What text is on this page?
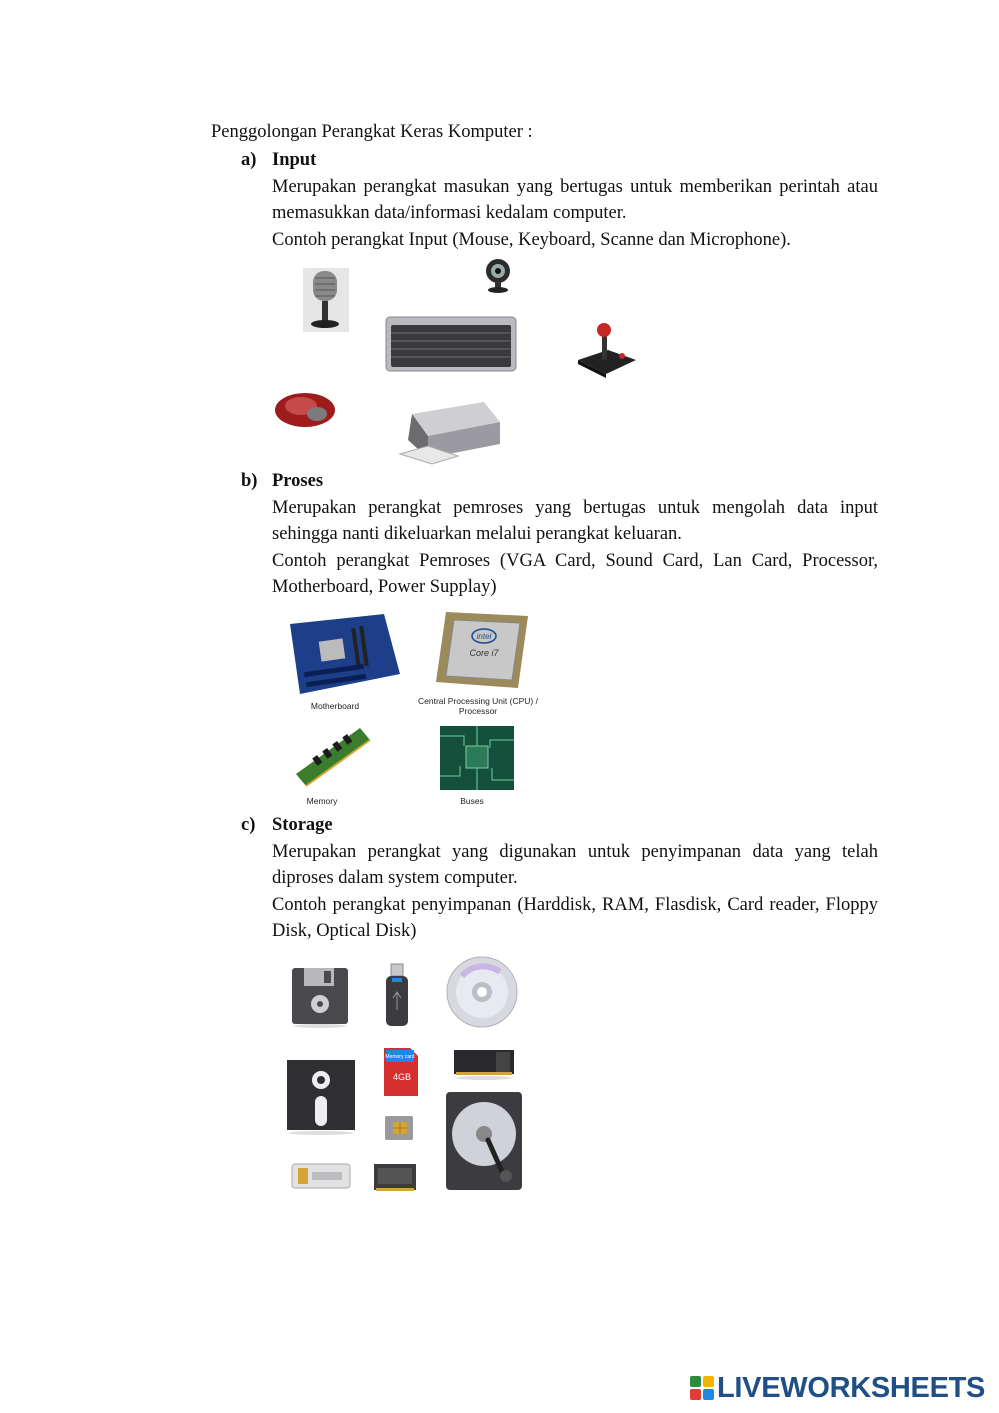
Penggolongan Perangkat Keras Komputer :
a) Input

Merupakan perangkat masukan yang bertugas untuk memberikan perintah atau memasukkan data/informasi kedalam computer.

Contoh perangkat Input (Mouse, Keyboard, Scanne dan Microphone).

b) Proses

Merupakan perangkat pemroses yang bertugas untuk mengolah data input sehingga nanti dikeluarkan melalui perangkat keluaran.

Contoh perangkat Pemroses (VGA Card, Sound Card, Lan Card, Processor, Motherboard, Power Supplay)

Motherboard
intel
Core i7
Central Processing Unit (CPU) / Processor
Memory	Buses
c) Storage

Merupakan perangkat yang digunakan untuk penyimpanan data yang telah diproses dalam system computer.

Contoh perangkat penyimpanan (Harddisk, RAM, Flasdisk, Card reader, Floppy Disk, Optical Disk)

Memory card
4GB
LIVEWORKSHEETS
